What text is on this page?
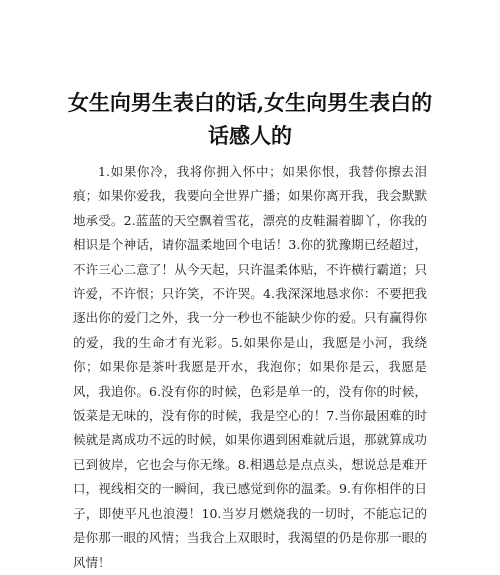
女生向男生表白的话,女生向男生表白的话感人的

1.如果你冷，我将你拥入怀中；如果你恨，我替你擦去泪痕；如果你爱我，我要向全世界广播；如果你离开我，我会默默地承受。2.蓝蓝的天空飘着雪花，漂亮的皮鞋漏着脚丫，你我的相识是个神话，请你温柔地回个电话！3.你的犹豫期已经超过，不许三心二意了！从今天起，只许温柔体贴，不许横行霸道；只许爱，不许恨；只许笑，不许哭。4.我深深地恳求你：不要把我逐出你的爱门之外，我一分一秒也不能缺少你的爱。只有赢得你的爱，我的生命才有光彩。5.如果你是山，我愿是小河，我绕你；如果你是茶叶我愿是开水，我泡你；如果你是云，我愿是风，我追你。6.没有你的时候，色彩是单一的，没有你的时候，饭菜是无味的，没有你的时候，我是空心的！7.当你最困难的时候就是离成功不远的时候，如果你遇到困难就后退，那就算成功已到彼岸，它也会与你无缘。8.相遇总是点点头，想说总是难开口，视线相交的一瞬间，我已感觉到你的温柔。9.有你相伴的日子，即使平凡也浪漫！10.当岁月燃烧我的一切时，不能忘记的是你那一眼的风情；当我合上双眼时，我渴望的仍是你那一眼的风情！
